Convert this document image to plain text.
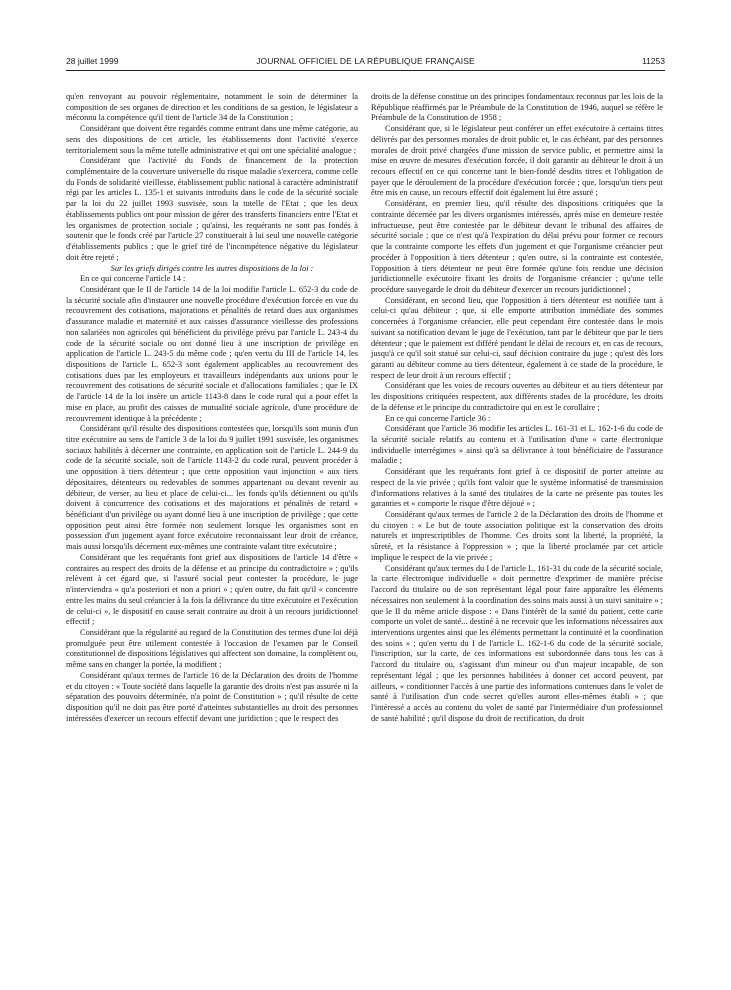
28 juillet 1999	JOURNAL OFFICIEL DE LA RÉPUBLIQUE FRANÇAISE	11253

qu'en renvoyant au pouvoir réglementaire, notamment le soin de déterminer la composition de ses organes de direction et les conditions de sa gestion, le législateur a méconnu la compétence qu'il tient de l'article 34 de la Constitution ;

Considérant que doivent être regardés comme entrant dans une même catégorie, au sens des dispositions de cet article, les établissements dont l'activité s'exerce territorialement sous la même tutelle administrative et qui ont une spécialité analogue ;

Considérant que l'activité du Fonds de financement de la protection complémentaire de la couverture universelle du risque maladie s'exercera, comme celle du Fonds de solidarité vieillesse, établissement public national à caractère administratif régi par les articles L. 135-1 et suivants introduits dans le code de la sécurité sociale par la loi du 22 juillet 1993 susvisée, sous la tutelle de l'Etat ; que les deux établissements publics ont pour mission de gérer des transferts financiers entre l'Etat et les organismes de protection sociale ; qu'ainsi, les requérants ne sont pas fondés à soutenir que le fonds créé par l'article 27 constituerait à lui seul une nouvelle catégorie d'établissements publics ; que le grief tiré de l'incompétence négative du législateur doit être rejeté ;

Sur les griefs dirigés contre les autres dispositions de la loi :

En ce qui concerne l'article 14 :

Considérant que le II de l'article 14 de la loi modifie l'article L. 652-3 du code de la sécurité sociale afin d'instaurer une nouvelle procédure d'exécution forcée en vue du recouvrement des cotisations, majorations et pénalités de retard dues aux organismes d'assurance maladie et maternité et aux caisses d'assurance vieillesse des professions non salariées non agricoles qui bénéficient du privilège prévu par l'article L. 243-4 du code de la sécurité sociale ou ont donné lieu à une inscription de privilège en application de l'article L. 243-5 du même code ; qu'en vertu du III de l'article 14, les dispositions de l'article L. 652-3 sont également applicables au recouvrement des cotisations dues par les employeurs et travailleurs indépendants aux unions pour le recouvrement des cotisations de sécurité sociale et d'allocations familiales ; que le IX de l'article 14 de la loi insère un article 1143-8 dans le code rural qui a pour effet la mise en place, au profit des caisses de mutualité sociale agricole, d'une procédure de recouvrement identique à la précédente ;

Considérant qu'il résulte des dispositions contestées que, lorsqu'ils sont munis d'un titre exécutoire au sens de l'article 3 de la loi du 9 juillet 1991 susvisée, les organismes sociaux habilités à décerner une contrainte, en application soit de l'article L. 244-9 du code de la sécurité sociale, soit de l'article 1143-2 du code rural, peuvent procéder à une opposition à tiers détenteur ; que cette opposition vaut injonction « aux tiers dépositaires, détenteurs ou redevables de sommes appartenant ou devant revenir au débiteur, de verser, au lieu et place de celui-ci... les fonds qu'ils détiennent ou qu'ils doivent à concurrence des cotisations et des majorations et pénalités de retard » bénéficiant d'un privilège ou ayant donné lieu à une inscription de privilège ; que cette opposition peut ainsi être formée non seulement lorsque les organismes sont en possession d'un jugement ayant force exécutoire reconnaissant leur droit de créance, mais aussi lorsqu'ils décernent eux-mêmes une contrainte valant titre exécutoire ;

Considérant que les requérants font grief aux dispositions de l'article 14 d'être « contraires au respect des droits de la défense et au principe du contradictoire » ; qu'ils relèvent à cet égard que, si l'assuré social peut contester la procédure, le juge n'interviendra « qu'a posteriori et non a priori » ; qu'en outre, du fait qu'il « concentre entre les mains du seul créancier à la fois la délivrance du titre exécutoire et l'exécution de celui-ci », le dispositif en cause serait contraire au droit à un recours juridictionnel effectif ;

Considérant que la régularité au regard de la Constitution des termes d'une loi déjà promulguée peut être utilement contestée à l'occasion de l'examen par le Conseil constitutionnel de dispositions législatives qui affectent son domaine, la complètent ou, même sans en changer la portée, la modifient ;

Considérant qu'aux termes de l'article 16 de la Déclaration des droits de l'homme et du citoyen : « Toute société dans laquelle la garantie des droits n'est pas assurée ni la séparation des pouvoirs déterminée, n'a point de Constitution » ; qu'il résulte de cette disposition qu'il ne doit pas être porté d'atteintes substantielles au droit des personnes intéressées d'exercer un recours effectif devant une juridiction ; que le respect des

droits de la défense constitue un des principes fondamentaux reconnus par les lois de la République réaffirmés par le Préambule de la Constitution de 1946, auquel se réfère le Préambule de la Constitution de 1958 ;

Considérant que, si le législateur peut conférer un effet exécutoire à certains titres délivrés par des personnes morales de droit public et, le cas échéant, par des personnes morales de droit privé chargées d'une mission de service public, et permettre ainsi la mise en œuvre de mesures d'exécution forcée, il doit garantir au débiteur le droit à un recours effectif en ce qui concerne tant le bien-fondé desdits titres et l'obligation de payer que le déroulement de la procédure d'exécution forcée ; que, lorsqu'un tiers peut être mis en cause, un recours effectif doit également lui être assuré ;

Considérant, en premier lieu, qu'il résulte des dispositions critiquées que la contrainte décernée par les divers organismes intéressés, après mise en demeure restée infructueuse, peut être contestée par le débiteur devant le tribunal des affaires de sécurité sociale ; que ce n'est qu'à l'expiration du délai prévu pour former ce recours que la contrainte comporte les effets d'un jugement et que l'organisme créancier peut procéder à l'opposition à tiers détenteur ; qu'en outre, si la contrainte est contestée, l'opposition à tiers détenteur ne peut être formée qu'une fois rendue une décision juridictionnelle exécutoire fixant les droits de l'organisme créancier ; qu'une telle procédure sauvegarde le droit du débiteur d'exercer un recours juridictionnel ;

Considérant, en second lieu, que l'opposition à tiers détenteur est notifiée tant à celui-ci qu'au débiteur ; que, si elle emporte attribution immédiate des sommes concernées à l'organisme créancier, elle peut cependant être contestée dans le mois suivant sa notification devant le juge de l'exécution, tant par le débiteur que par le tiers détenteur ; que le paiement est différé pendant le délai de recours et, en cas de recours, jusqu'à ce qu'il soit statué sur celui-ci, sauf décision contraire du juge ; qu'est dès lors garanti au débiteur comme au tiers détenteur, également à ce stade de la procédure, le respect de leur droit à un recours effectif ;

Considérant que les voies de recours ouvertes au débiteur et au tiers détenteur par les dispositions critiquées respectent, aux différents stades de la procédure, les droits de la défense et le principe du contradictoire qui en est le corollaire ;

En ce qui concerne l'article 36 :

Considérant que l'article 36 modifie les articles L. 161-31 et L. 162-1-6 du code de la sécurité sociale relatifs au contenu et à l'utilisation d'une « carte électronique individuelle interrégimes » ainsi qu'à sa délivrance à tout bénéficiaire de l'assurance maladie ;

Considérant que les requérants font grief à ce dispositif de porter atteinte au respect de la vie privée ; qu'ils font valoir que le système informatisé de transmission d'informations relatives à la santé des titulaires de la carte ne présente pas toutes les garanties et « comporte le risque d'être déjoué » ;

Considérant qu'aux termes de l'article 2 de la Déclaration des droits de l'homme et du citoyen : « Le but de toute association politique est la conservation des droits naturels et imprescriptibles de l'homme. Ces droits sont la liberté, la propriété, la sûreté, et la résistance à l'oppression » ; que la liberté proclamée par cet article implique le respect de la vie privée ;

Considérant qu'aux termes du I de l'article L. 161-31 du code de la sécurité sociale, la carte électronique individuelle « doit permettre d'exprimer de manière précise l'accord du titulaire ou de son représentant légal pour faire apparaître les éléments nécessaires non seulement à la coordination des soins mais aussi à un suivi sanitaire » ; que le II du même article dispose : « Dans l'intérêt de la santé du patient, cette carte comporte un volet de santé... destiné à ne recevoir que les informations nécessaires aux interventions urgentes ainsi que les éléments permettant la continuité et la coordination des soins » ; qu'en vertu du I de l'article L. 162-1-6 du code de la sécurité sociale, l'inscription, sur la carte, de ces informations est subordonnée dans tous les cas à l'accord du titulaire ou, s'agissant d'un mineur ou d'un majeur incapable, de son représentant légal ; que les personnes habilitées à donner cet accord peuvent, par ailleurs, « conditionner l'accès à une partie des informations contenues dans le volet de santé à l'utilisation d'un code secret qu'elles auront elles-mêmes établi » ; que l'intéressé a accès au contenu du volet de santé par l'intermédiaire d'un professionnel de santé habilité ; qu'il dispose du droit de rectification, du droit
